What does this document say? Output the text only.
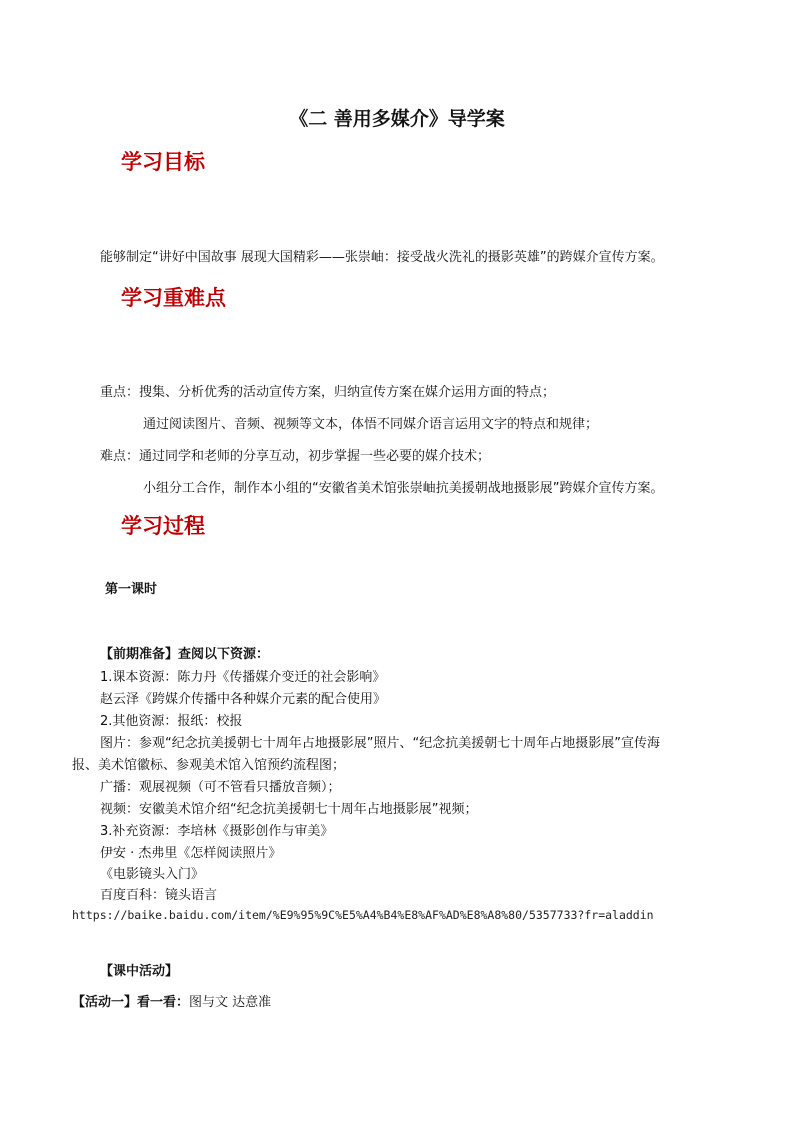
《二 善用多媒介》导学案
学习目标
能够制定“讲好中国故事 展现大国精彩——张崇岫：接受战火洗礼的摄影英雄”的跨媒介宣传方案。
学习重难点
重点：搜集、分析优秀的活动宣传方案，归纳宣传方案在媒介运用方面的特点；
通过阅读图片、音频、视频等文本，体悟不同媒介语言运用文字的特点和规律；
难点：通过同学和老师的分享互动，初步掌握一些必要的媒介技术；
小组分工合作，制作本小组的“安徽省美术馆张崇岫抗美援朝战地摄影展”跨媒介宣传方案。
学习过程
第一课时
【前期准备】查阅以下资源：
1.课本资源：陈力丹《传播媒介变迁的社会影响》
赵云泽《跨媒介传播中各种媒介元素的配合使用》
2.其他资源：报纸：校报
图片：参观“纪念抗美援朝七十周年占地摄影展”照片、“纪念抗美援朝七十周年占地摄影展”宣传海
报、美术馆徽标、参观美术馆入馆预约流程图；
广播：观展视频（可不管看只播放音频）；
视频：安徽美术馆介绍“纪念抗美援朝七十周年占地摄影展”视频；
3.补充资源：李培林《摄影创作与审美》
伊安 · 杰弗里《怎样阅读照片》
《电影镜头入门》
百度百科：镜头语言
https://baike.baidu.com/item/%E9%95%9C%E5%A4%B4%E8%AF%AD%E8%A8%80/5357733?fr=aladdin
【课中活动】
【活动一】看一看：图与文 达意准
